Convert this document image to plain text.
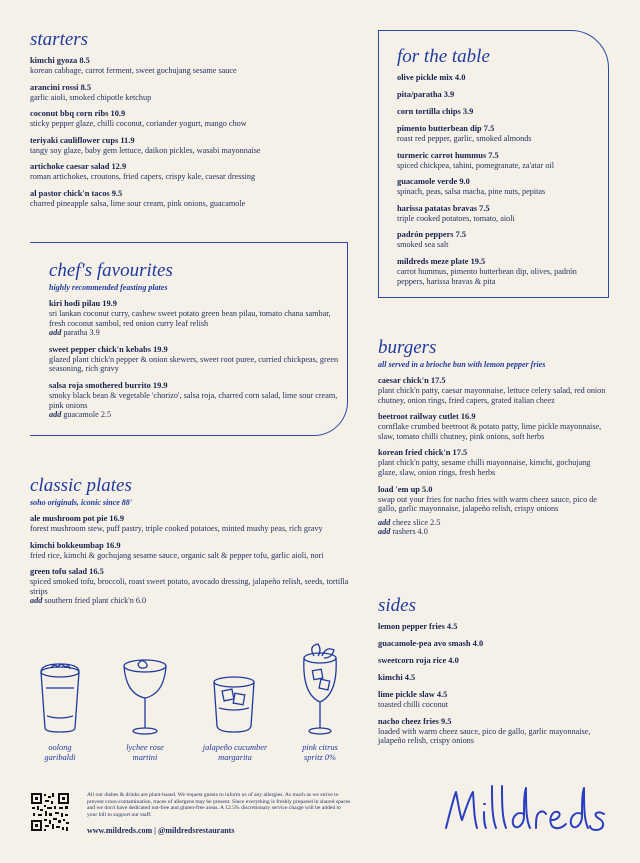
starters
kimchi gyoza 8.5
korean cabbage, carrot ferment, sweet gochujang sesame sauce
arancini rossi 8.5
garlic aioli, smoked chipotle ketchup
coconut bbq corn ribs 10.9
sticky pepper glaze, chilli coconut, coriander yogurt, mango chow
teriyaki cauliflower cups 11.9
tangy soy glaze, baby gem lettuce, daikon pickles, wasabi mayonnaise
artichoke caesar salad 12.9
roman artichokes, croutons, fried capers, crispy kale, caesar dressing
al pastor chick'n tacos 9.5
charred pineapple salsa, lime sour cream, pink onions, guacamole
for the table
olive pickle mix 4.0
pita/paratha 3.9
corn tortilla chips 3.9
pimento butterbean dip 7.5
roast red pepper, garlic, smoked almonds
turmeric carrot hummus 7.5
spiced chickpea, tahini, pomegranate, za'atar oil
guacamole verde 9.0
spinach, peas, salsa macha, pine nuts, pepitas
harissa patatas bravas 7.5
triple cooked potatoes, tomato, aioli
padrón peppers 7.5
smoked sea salt
mildreds meze plate 19.5
carrot hummus, pimento butterbean dip, olives, padrón peppers, harissa bravas & pita
chef's favourites
highly recommended feasting plates
kiri hodi pilau 19.9
sri lankan coconut curry, cashew sweet potato green bean pilau, tomato chana sambar, fresh coconut sambol, red onion curry leaf relish
add paratha 3.9
sweet pepper chick'n kebabs 19.9
glazed plant chick'n pepper & onion skewers, sweet root puree, curried chickpeas, green seasoning, rich gravy
salsa roja smothered burrito 19.9
smoky black bean & vegetable 'chorizo', salsa roja, charred corn salad, lime sour cream, pink onions
add guacamole 2.5
burgers
all served in a brioche bun with lemon pepper fries
caesar chick'n 17.5
plant chick'n patty, caesar mayonnaise, lettuce celery salad, red onion chutney, onion rings, fried capers, grated italian cheez
beetroot railway cutlet 16.9
cornflake crumbed beetroot & potato patty, lime pickle mayonnaise, slaw, tomato chilli chutney, pink onions, soft herbs
korean fried chick'n 17.5
plant chick'n patty, sesame chilli mayonnaise, kimchi, gochujang glaze, slaw, onion rings, fresh herbs
load 'em up 5.0
swap out your fries for nacho fries with warm cheez sauce, pico de gallo, garlic mayonnaise, jalapeño relish, crispy onions
add cheez slice 2.5
add rashers 4.0
classic plates
soho originals, iconic since 88'
ale mushroom pot pie 16.9
forest mushroom stew, puff pastry, triple cooked potatoes, minted mushy peas, rich gravy
kimchi bokkeumbap 16.9
fried rice, kimchi & gochujang sesame sauce, organic salt & pepper tofu, garlic aioli, nori
green tofu salad 16.5
spiced smoked tofu, broccoli, roast sweet potato, avocado dressing, jalapeño relish, seeds, tortilla strips
add southern fried plant chick'n 6.0	sides
lemon pepper fries 4.5
guacamole-pea avo smash 4.0
sweetcorn roja rice 4.0
kimchi 4.5
lime pickle slaw 4.5
toasted chilli coconut
nacho cheez fries 9.5
loaded with warm cheez sauce, pico de gallo, garlic mayonnaise, jalapeño relish, crispy onions
oolong
garibaldi
lychee rose
martini
jalapeño cucumber
margarita
pink citrus
spritz 0%
All our dishes & drinks are plant-based. We request guests to inform us of any allergies. As much as we strive to prevent cross-contamination, traces of allergens may be present. Since everything is freshly prepared in shared spaces and we don't have dedicated nut-free and gluten-free areas. A 12.5% discretionary service charge will be added to your bill to support our staff.
www.mildreds.com | @mildredsrestaurants
